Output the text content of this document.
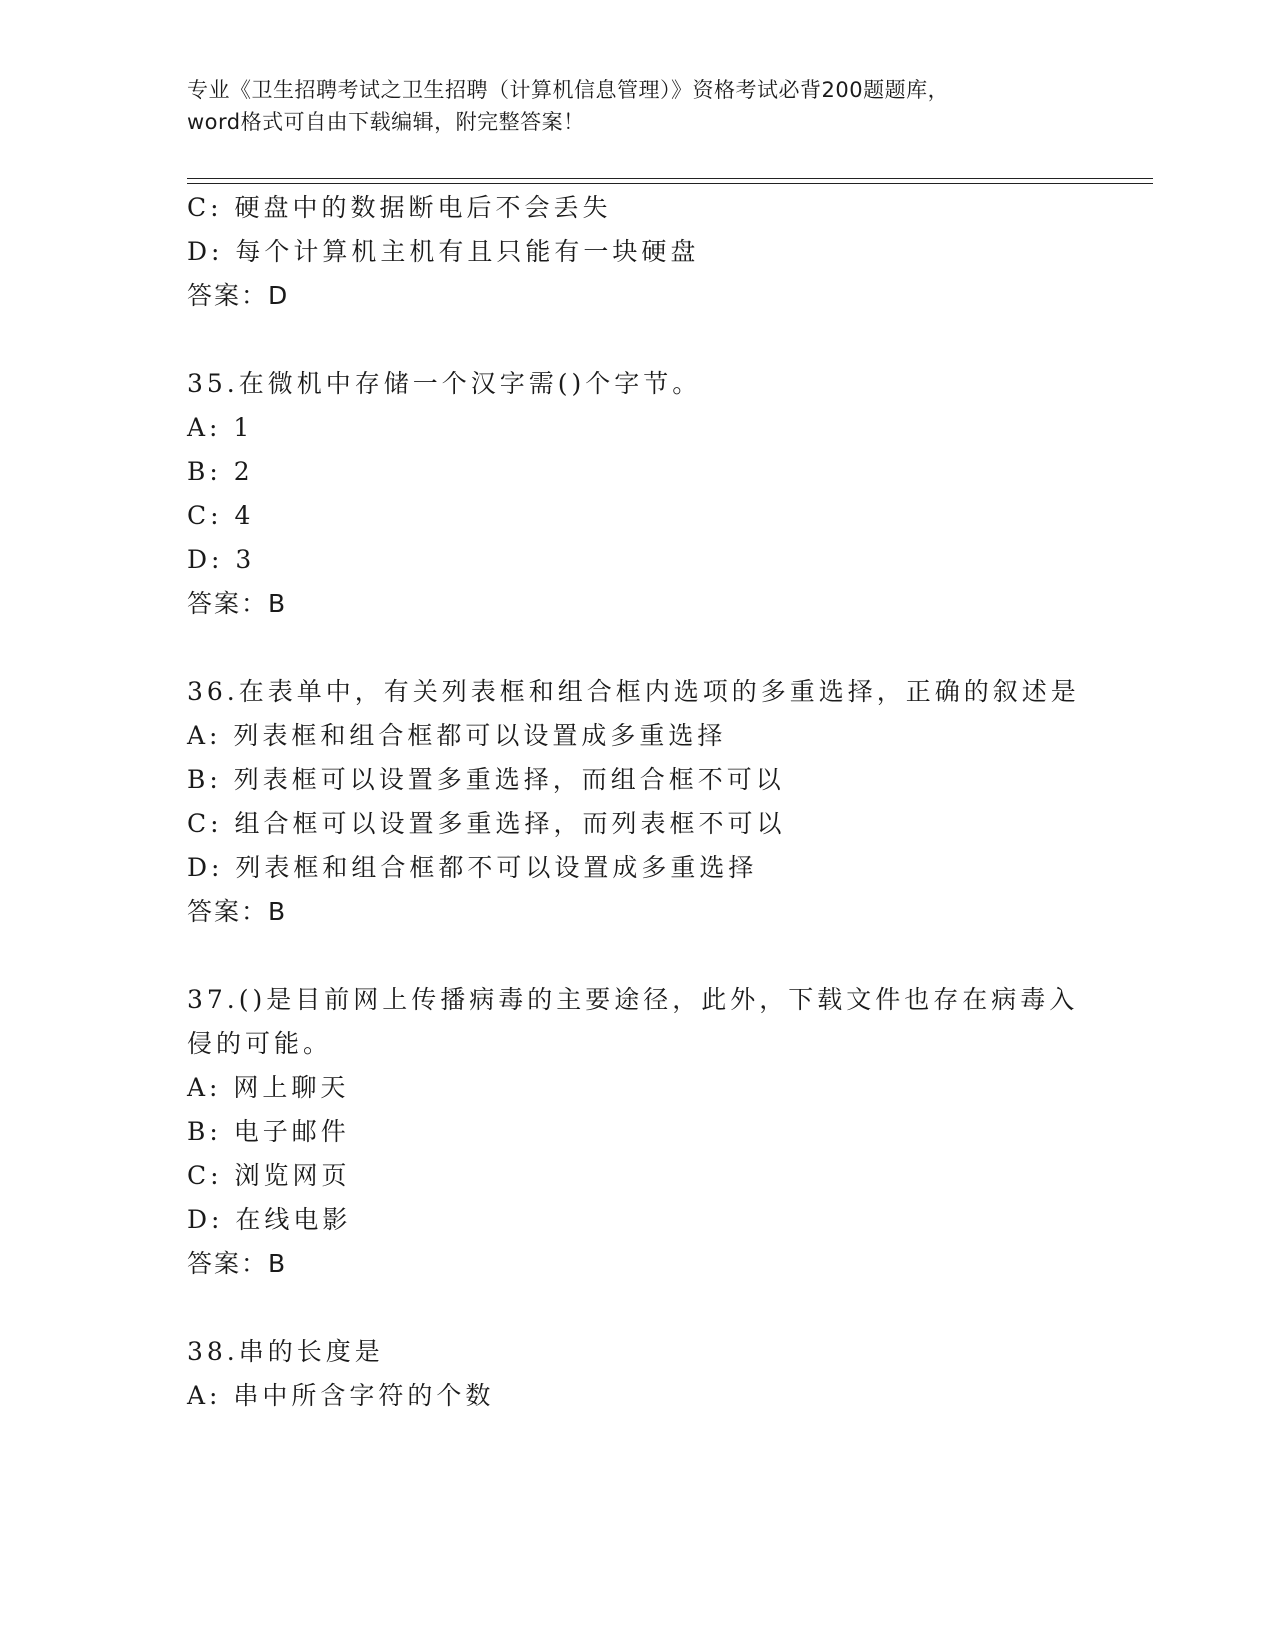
专业《卫生招聘考试之卫生招聘（计算机信息管理）》资格考试必背200题题库，
word格式可自由下载编辑，附完整答案！
C: 硬盘中的数据断电后不会丢失
D: 每个计算机主机有且只能有一块硬盘
答案：D
35.在微机中存储一个汉字需()个字节。
A: 1
B: 2
C: 4
D: 3
答案：B
36.在表单中，有关列表框和组合框内选项的多重选择，正确的叙述是
A: 列表框和组合框都可以设置成多重选择
B: 列表框可以设置多重选择，而组合框不可以
C: 组合框可以设置多重选择，而列表框不可以
D: 列表框和组合框都不可以设置成多重选择
答案：B
37.()是目前网上传播病毒的主要途径，此外，下载文件也存在病毒入
侵的可能。
A: 网上聊天
B: 电子邮件
C: 浏览网页
D: 在线电影
答案：B
38.串的长度是
A: 串中所含字符的个数
